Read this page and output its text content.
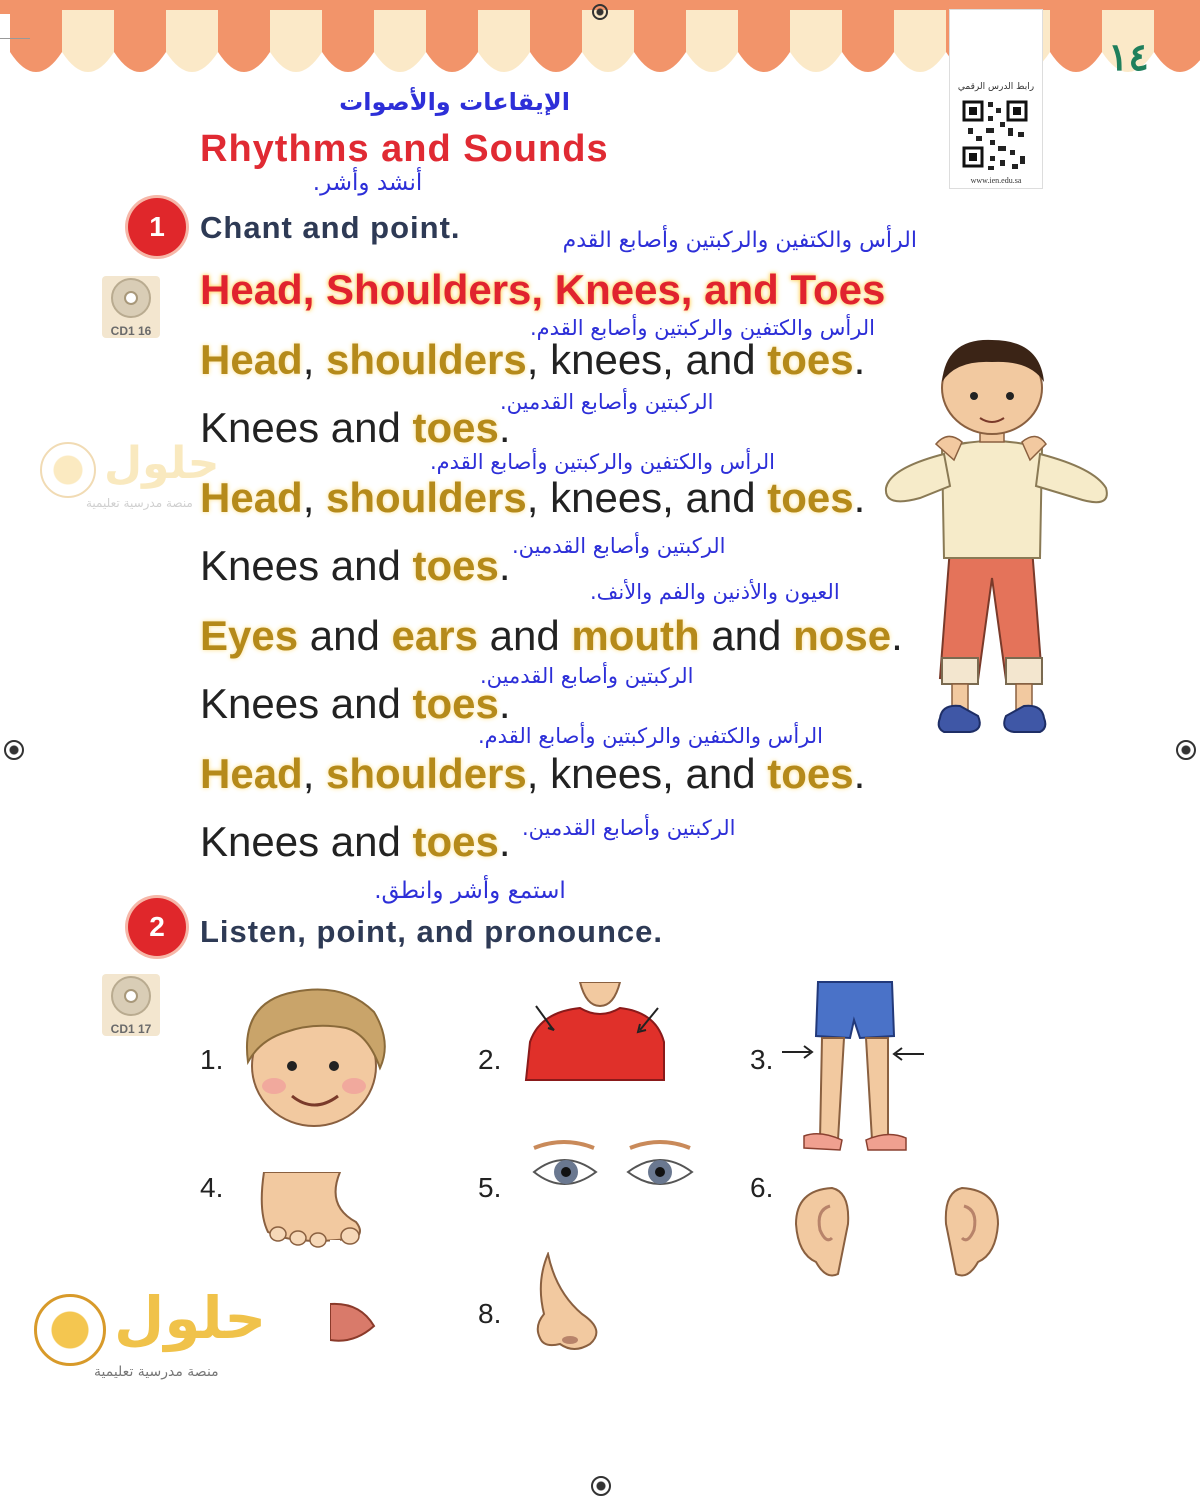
رابط الدرس الرقمي
www.ien.edu.sa
١٤
الإيقاعات والأصوات
Rhythms and Sounds
أنشد وأشر.
1	Chant and point.	الرأس والكتفين والركبتين وأصابع القدم
CD1 16
Head, Shoulders, Knees, and Toes
الرأس والكتفين والركبتين وأصابع القدم.
Head, shoulders, knees, and toes.
الركبتين وأصابع القدمين.
Knees and toes.
الرأس والكتفين والركبتين وأصابع القدم.
Head, shoulders, knees, and toes.
الركبتين وأصابع القدمين.
Knees and toes.
العيون والأذنين والفم والأنف.
Eyes and ears and mouth and nose.
الركبتين وأصابع القدمين.
Knees and toes.
الرأس والكتفين والركبتين وأصابع القدم.
Head, shoulders, knees, and toes.
الركبتين وأصابع القدمين.
Knees and toes.
استمع وأشر وانطق.
2	Listen, point, and pronounce.
CD1 17
1.	2.	3.
4.	5.	6.
8.
حلول
منصة مدرسية تعليمية
حلول
منصة مدرسية تعليمية
